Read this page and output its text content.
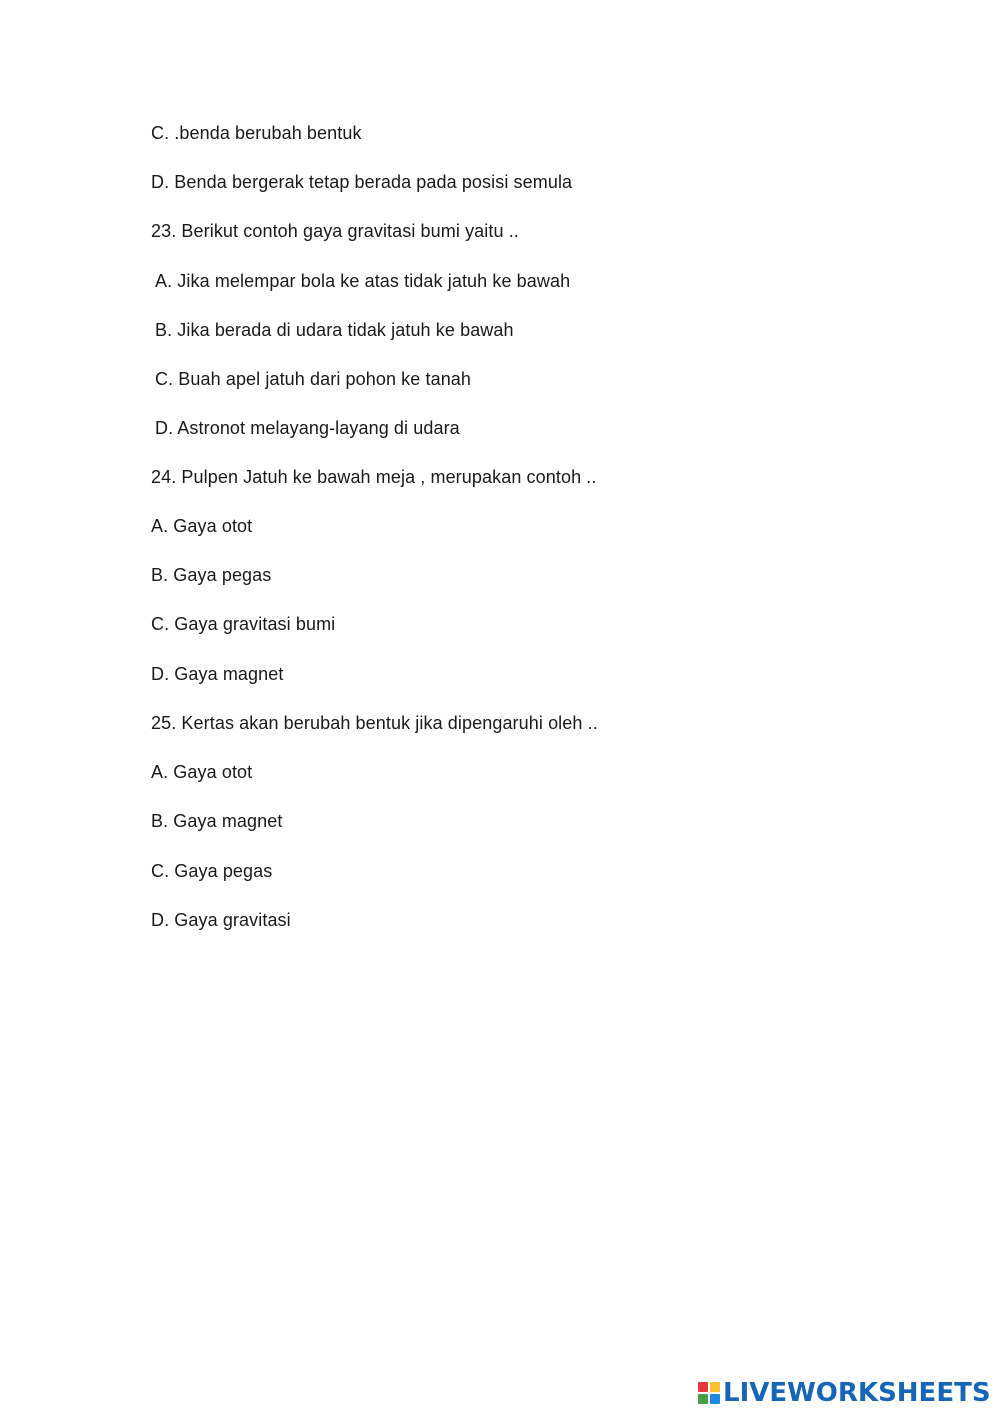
C. .benda berubah bentuk
D. Benda bergerak tetap berada pada posisi semula
23. Berikut contoh gaya gravitasi bumi yaitu ..
A. Jika melempar bola ke atas tidak jatuh ke bawah
B. Jika berada di udara tidak jatuh ke bawah
C. Buah apel jatuh dari pohon ke tanah
D. Astronot melayang-layang di udara
24. Pulpen Jatuh ke bawah meja , merupakan contoh ..
A. Gaya otot
B. Gaya pegas
C. Gaya gravitasi bumi
D. Gaya magnet
25. Kertas akan berubah bentuk jika dipengaruhi oleh ..
A. Gaya otot
B. Gaya magnet
C. Gaya pegas
D. Gaya gravitasi
LIVEWORKSHEETS
